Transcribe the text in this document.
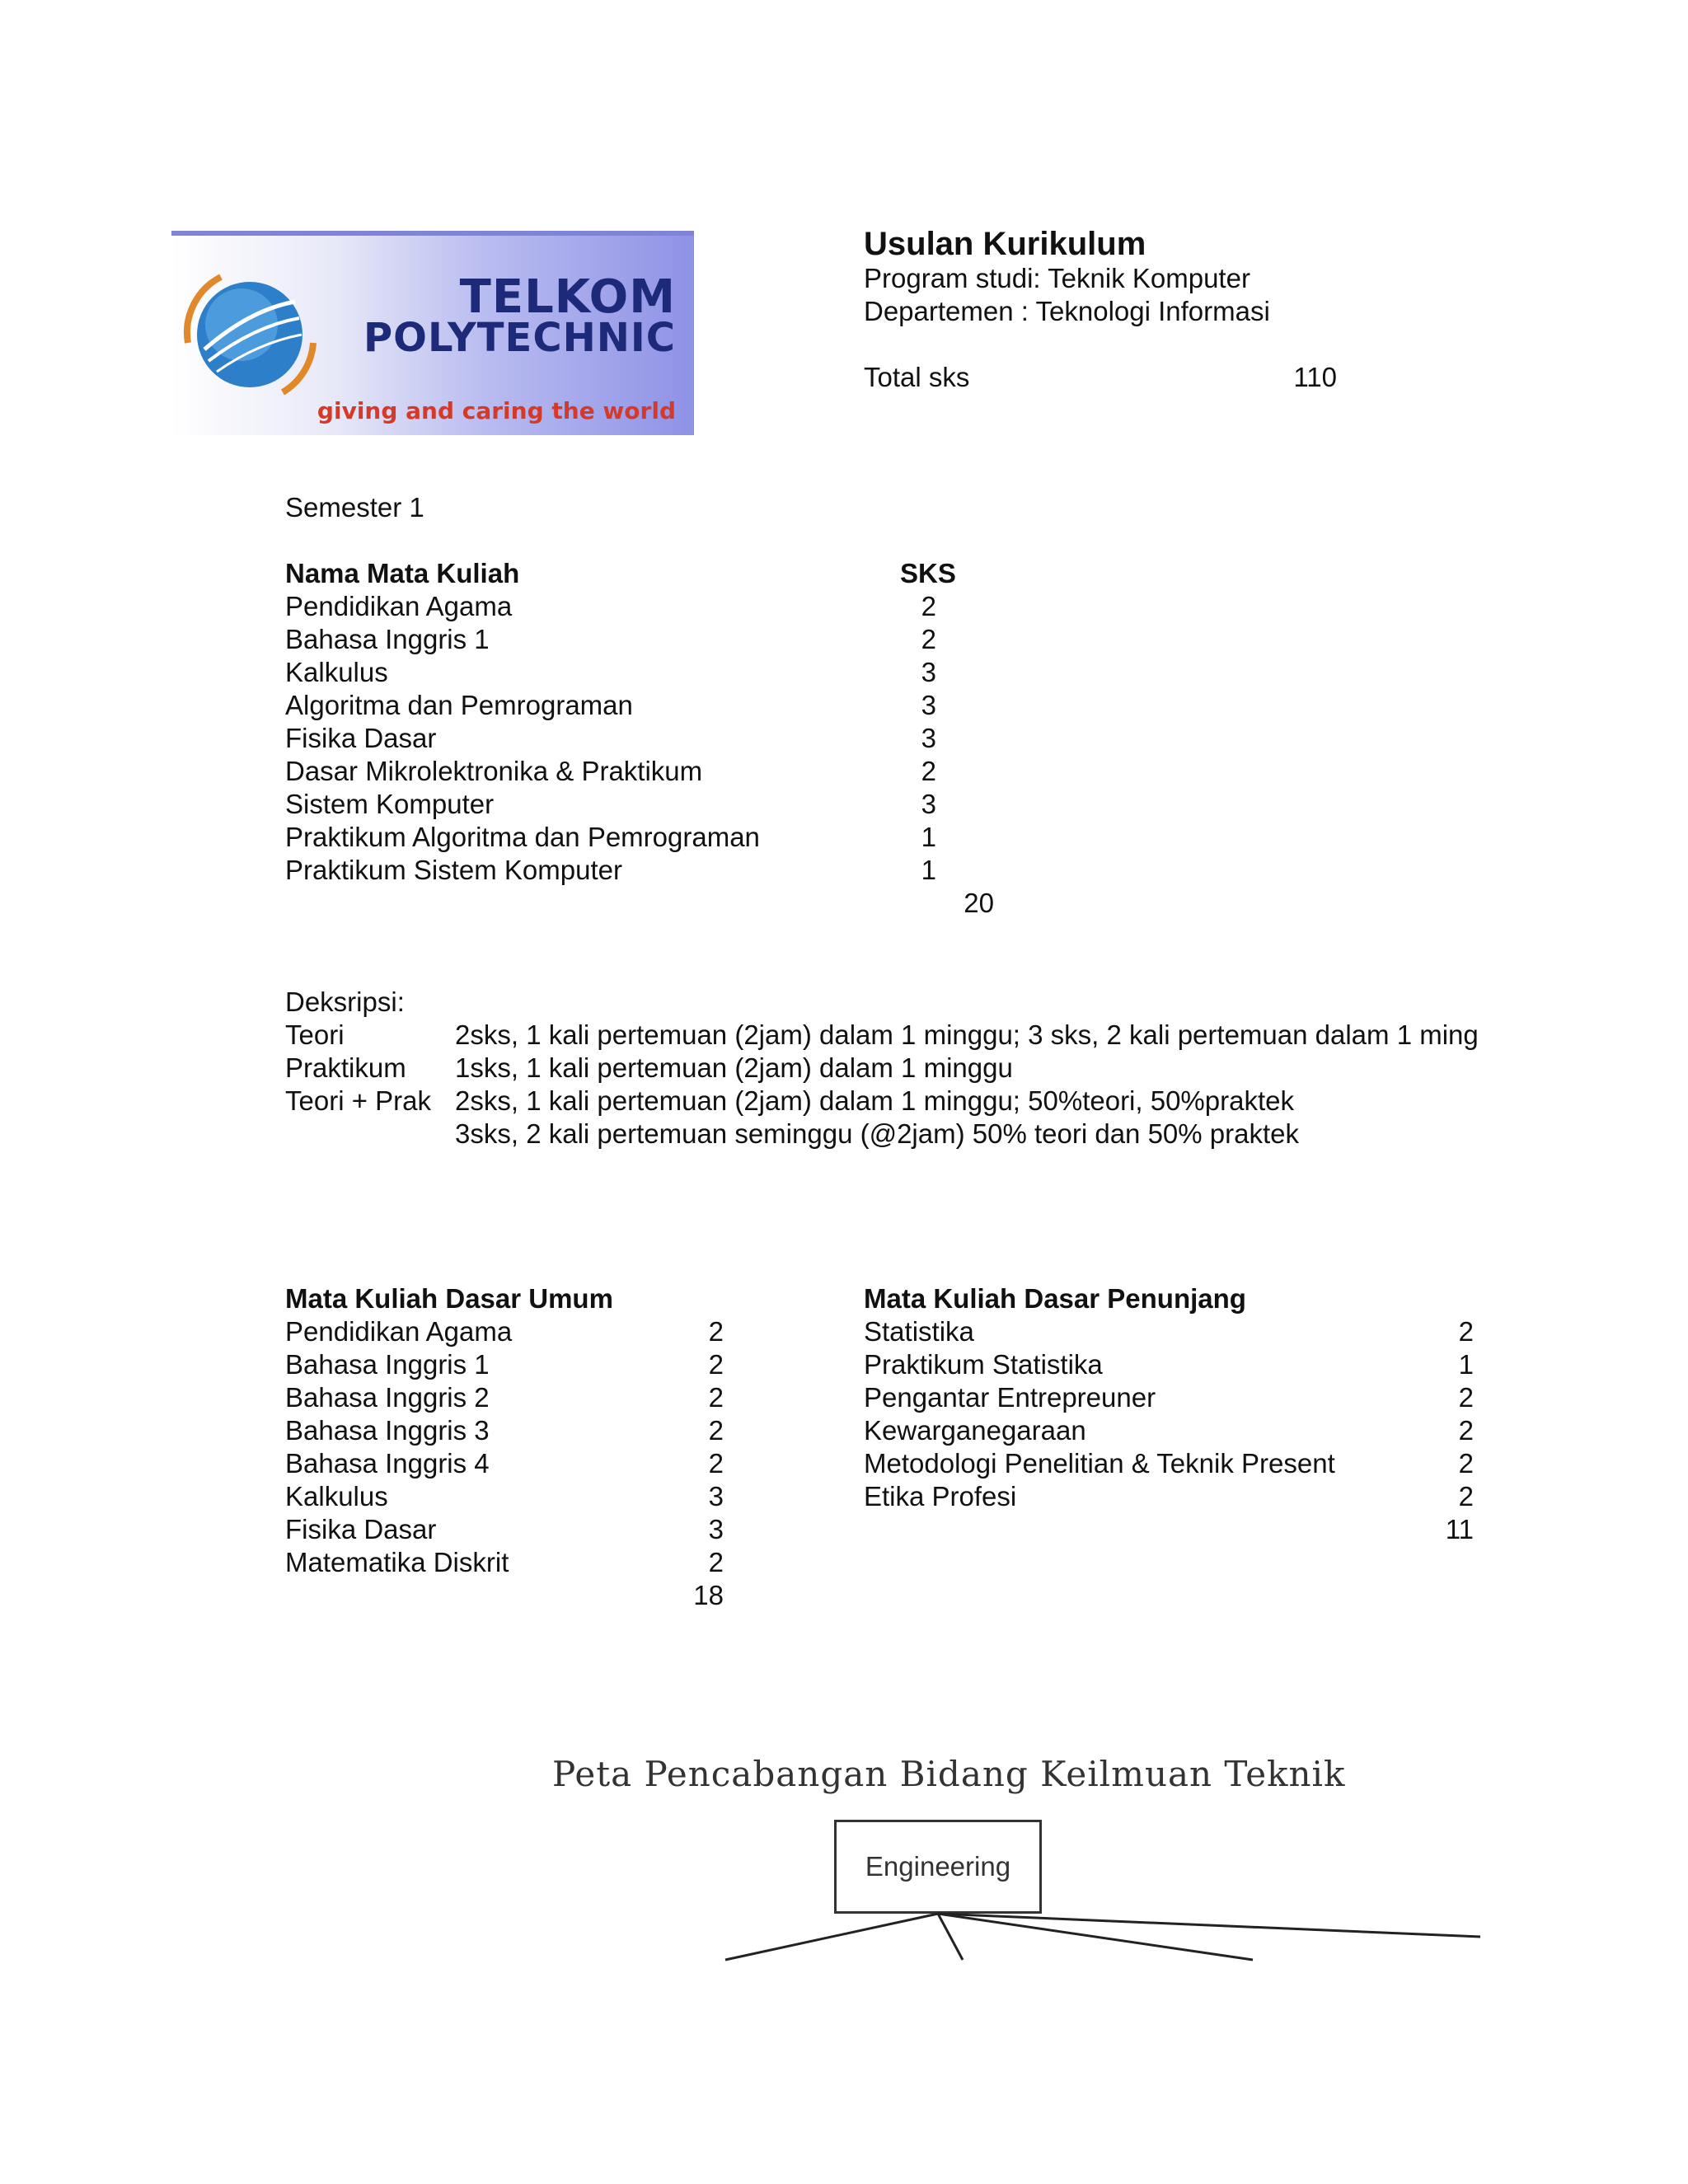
TELKOM
POLYTECHNIC
giving and caring the world
Usulan Kurikulum
Program studi: Teknik Komputer
Departemen : Teknologi Informasi
Total sks	110
Semester 1
Nama Mata Kuliah	SKS
Pendidikan Agama	2
Bahasa Inggris 1	2
Kalkulus	3
Algoritma dan Pemrograman	3
Fisika Dasar	3
Dasar Mikrolektronika & Praktikum	2
Sistem Komputer	3
Praktikum Algoritma dan Pemrograman	1
Praktikum Sistem Komputer	1
20
Deksripsi:
Teori	2sks, 1 kali pertemuan (2jam) dalam 1 minggu; 3 sks, 2 kali pertemuan dalam 1 ming
Praktikum 1sks, 1 kali pertemuan (2jam) dalam 1 minggu
Teori + Prak 2sks, 1 kali pertemuan (2jam) dalam 1 minggu; 50%teori, 50%praktek
3sks, 2 kali pertemuan seminggu (@2jam) 50% teori dan 50% praktek
Mata Kuliah Dasar Umum
Pendidikan Agama	2
Bahasa Inggris 1	2
Bahasa Inggris 2	2
Bahasa Inggris 3	2
Bahasa Inggris 4	2
Kalkulus	3
Fisika Dasar	3
Matematika Diskrit	2
18
Mata Kuliah Dasar Penunjang
Statistika	2
Praktikum Statistika	1
Pengantar Entrepreuner	2
Kewarganegaraan	2
Metodologi Penelitian & Teknik Present	2
Etika Profesi	2
11
Peta Pencabangan Bidang Keilmuan Teknik
Engineering
